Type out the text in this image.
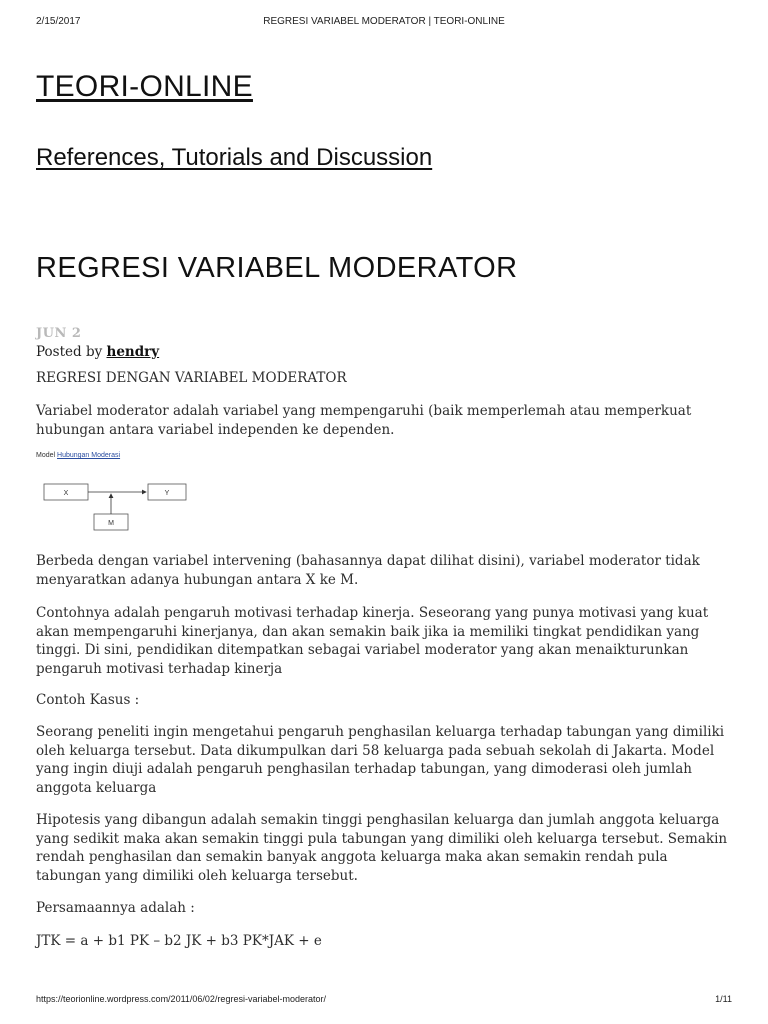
2/15/2017	REGRESI VARIABEL MODERATOR | TEORI-ONLINE
TEORI-ONLINE
References, Tutorials and Discussion
REGRESI VARIABEL MODERATOR
JUN 2
Posted by hendry

REGRESI DENGAN VARIABEL MODERATOR

Variabel moderator adalah variabel yang mempengaruhi (baik memperlemah atau memperkuat hubungan antara variabel independen ke dependen.

Model Hubungan Moderasi
X	Y
M

Berbeda dengan variabel intervening (bahasannya dapat dilihat disini), variabel moderator tidak menyaratkan adanya hubungan antara X ke M.

Contohnya adalah pengaruh motivasi terhadap kinerja. Seseorang yang punya motivasi yang kuat akan mempengaruhi kinerjanya, dan akan semakin baik jika ia memiliki tingkat pendidikan yang tinggi. Di sini, pendidikan ditempatkan sebagai variabel moderator yang akan menaikturunkan pengaruh motivasi terhadap kinerja

Contoh Kasus :

Seorang peneliti ingin mengetahui pengaruh penghasilan keluarga terhadap tabungan yang dimiliki oleh keluarga tersebut. Data dikumpulkan dari 58 keluarga pada sebuah sekolah di Jakarta. Model yang ingin diuji adalah pengaruh penghasilan terhadap tabungan, yang dimoderasi oleh jumlah anggota keluarga

Hipotesis yang dibangun adalah semakin tinggi penghasilan keluarga dan jumlah anggota keluarga yang sedikit maka akan semakin tinggi pula tabungan yang dimiliki oleh keluarga tersebut. Semakin rendah penghasilan dan semakin banyak anggota keluarga maka akan semakin rendah pula tabungan yang dimiliki oleh keluarga tersebut.

Persamaannya adalah :

JTK = a + b1 PK – b2 JK + b3 PK*JAK + e

https://teorionline.wordpress.com/2011/06/02/regresi-variabel-moderator/	1/11
